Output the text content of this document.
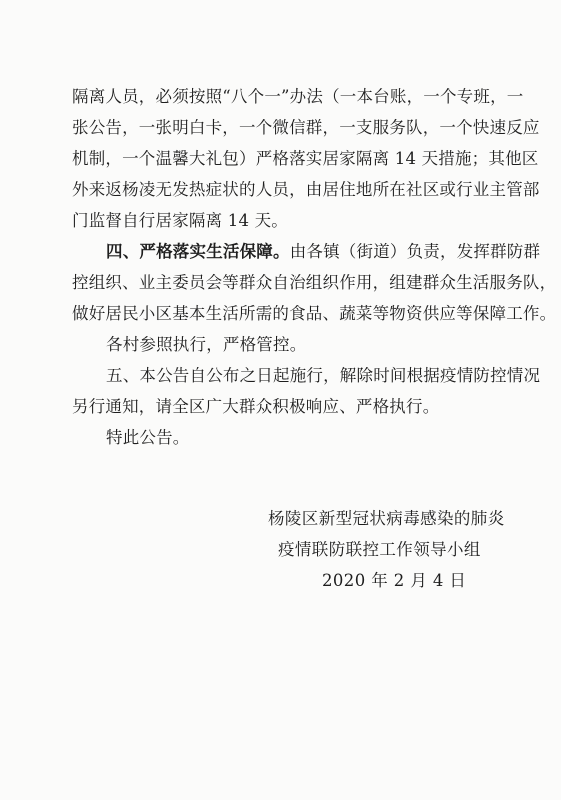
隔离人员，必须按照“八个一”办法（一本台账，一个专班，一
张公告，一张明白卡，一个微信群，一支服务队，一个快速反应
机制，一个温馨大礼包）严格落实居家隔离 14 天措施；其他区
外来返杨凌无发热症状的人员，由居住地所在社区或行业主管部
门监督自行居家隔离 14 天。
四、严格落实生活保障。由各镇（街道）负责，发挥群防群
控组织、业主委员会等群众自治组织作用，组建群众生活服务队，
做好居民小区基本生活所需的食品、蔬菜等物资供应等保障工作。
各村参照执行，严格管控。
五、本公告自公布之日起施行，解除时间根据疫情防控情况
另行通知，请全区广大群众积极响应、严格执行。
特此公告。
杨陵区新型冠状病毒感染的肺炎
疫情联防联控工作领导小组
2020 年 2 月 4 日
